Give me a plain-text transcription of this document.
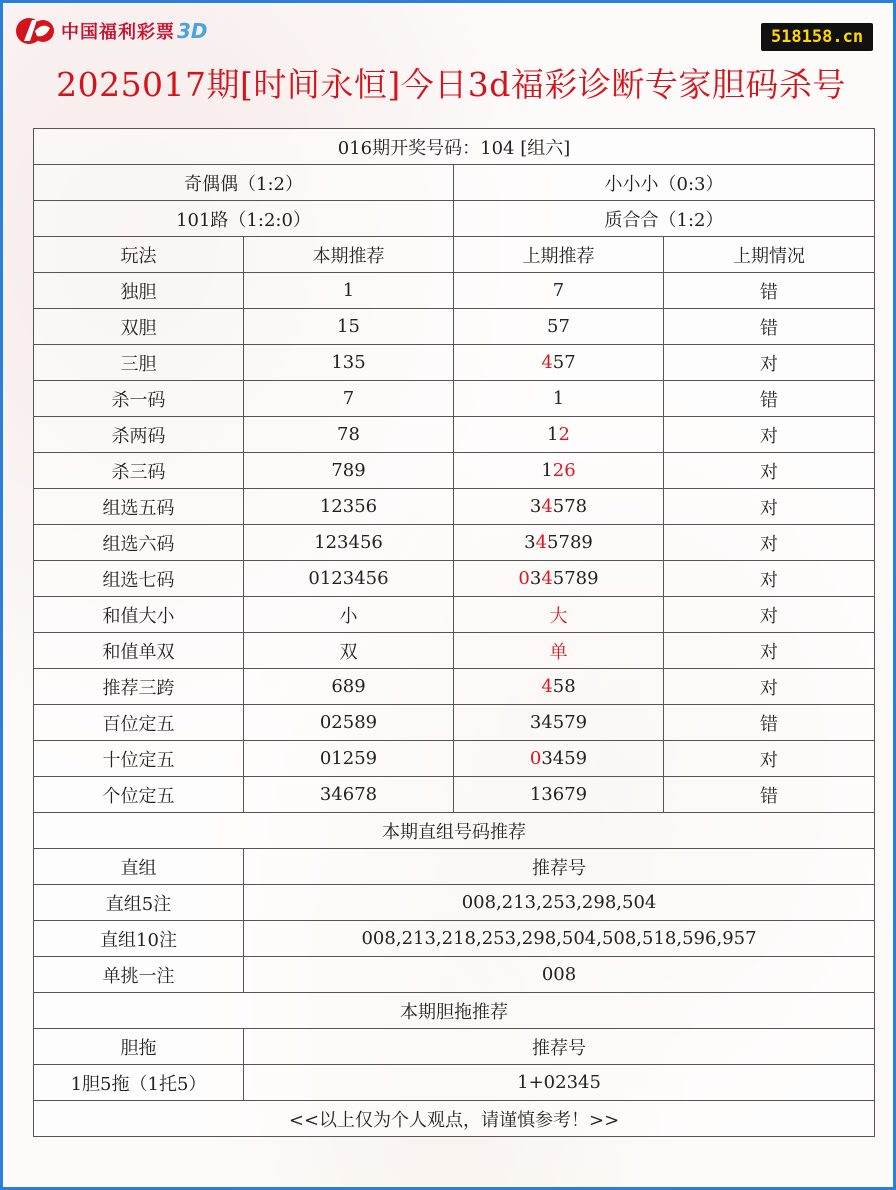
中国福利彩票 3D	518158.cn
2025017期[时间永恒]今日3d福彩诊断专家胆码杀号
016期开奖号码：104 [组六]			
奇偶偶（1:2）		小小小（0:3）	
101路（1:2:0）		质合合（1:2）	
玩法	本期推荐	上期推荐	上期情况
独胆	1	7	错
双胆	15	57	错
三胆	135	457	对
杀一码	7	1	错
杀两码	78	12	对
杀三码	789	126	对
组选五码	12356	34578	对
组选六码	123456	345789	对
组选七码	0123456	0345789	对
和值大小	小	大	对
和值单双	双	单	对
推荐三跨	689	458	对
百位定五	02589	34579	错
十位定五	01259	03459	对
个位定五	34678	13679	错
本期直组号码推荐			
直组	推荐号		
直组5注	008,213,253,298,504		
直组10注	008,213,218,253,298,504,508,518,596,957		
单挑一注	008		
本期胆拖推荐			
胆拖	推荐号		
1胆5拖（1托5）	1+02345		
<<以上仅为个人观点，请谨慎参考！>>			
